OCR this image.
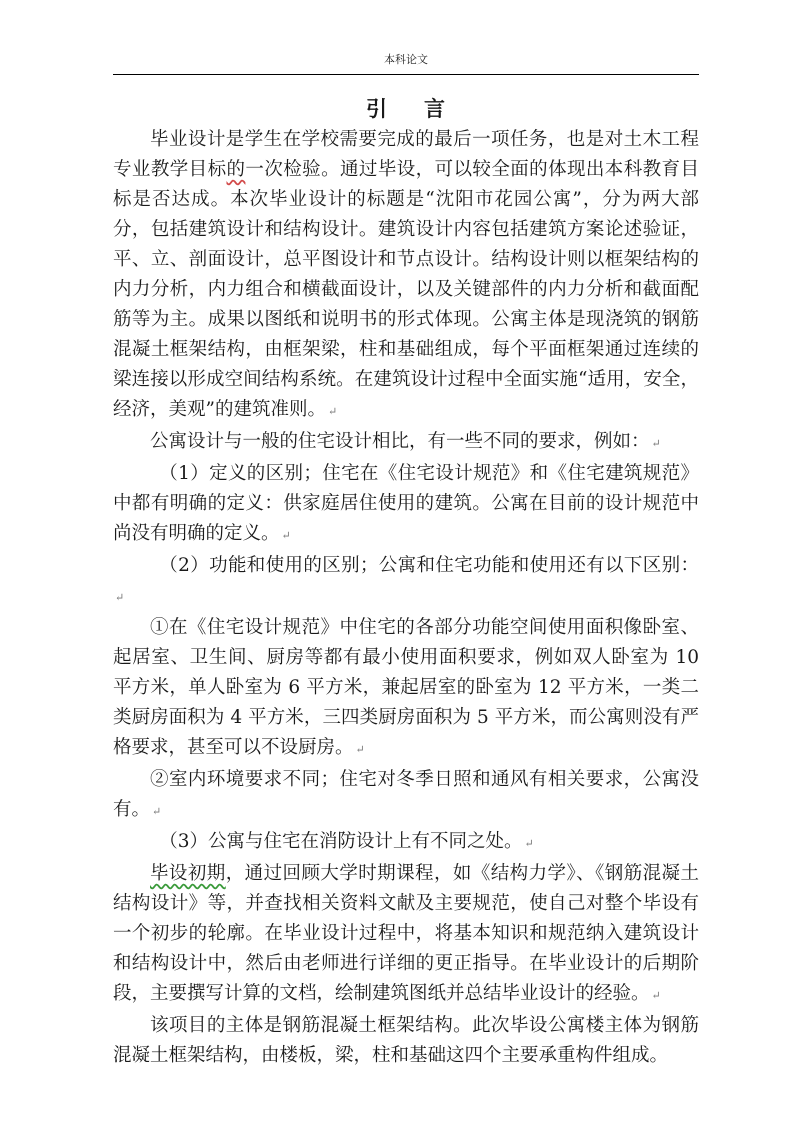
本科论文
引 言

毕业设计是学生在学校需要完成的最后一项任务，也是对土木工程专业教学目标的一次检验。通过毕设，可以较全面的体现出本科教育目标是否达成。本次毕业设计的标题是“沈阳市花园公寓”，分为两大部分，包括建筑设计和结构设计。建筑设计内容包括建筑方案论述验证，平、立、剖面设计，总平图设计和节点设计。结构设计则以框架结构的内力分析，内力组合和横截面设计，以及关键部件的内力分析和截面配筋等为主。成果以图纸和说明书的形式体现。公寓主体是现浇筑的钢筋混凝土框架结构，由框架梁，柱和基础组成，每个平面框架通过连续的梁连接以形成空间结构系统。在建筑设计过程中全面实施“适用，安全，经济，美观”的建筑准则。 ↵

公寓设计与一般的住宅设计相比，有一些不同的要求，例如： ↵

（1）定义的区别；住宅在《住宅设计规范》和《住宅建筑规范》中都有明确的定义：供家庭居住使用的建筑。公寓在目前的设计规范中尚没有明确的定义。 ↵

（2）功能和使用的区别；公寓和住宅功能和使用还有以下区别：↵

①在《住宅设计规范》中住宅的各部分功能空间使用面积像卧室、起居室、卫生间、厨房等都有最小使用面积要求，例如双人卧室为 10 平方米，单人卧室为 6 平方米，兼起居室的卧室为 12 平方米，一类二类厨房面积为 4 平方米，三四类厨房面积为 5 平方米，而公寓则没有严格要求，甚至可以不设厨房。 ↵

②室内环境要求不同；住宅对冬季日照和通风有相关要求，公寓没有。 ↵

（3）公寓与住宅在消防设计上有不同之处。 ↵

毕设初期，通过回顾大学时期课程，如《结构力学》、《钢筋混凝土结构设计》等，并查找相关资料文献及主要规范，使自己对整个毕设有一个初步的轮廓。在毕业设计过程中，将基本知识和规范纳入建筑设计和结构设计中，然后由老师进行详细的更正指导。在毕业设计的后期阶段，主要撰写计算的文档，绘制建筑图纸并总结毕业设计的经验。 ↵

该项目的主体是钢筋混凝土框架结构。此次毕设公寓楼主体为钢筋混凝土框架结构，由楼板，梁，柱和基础这四个主要承重构件组成。
